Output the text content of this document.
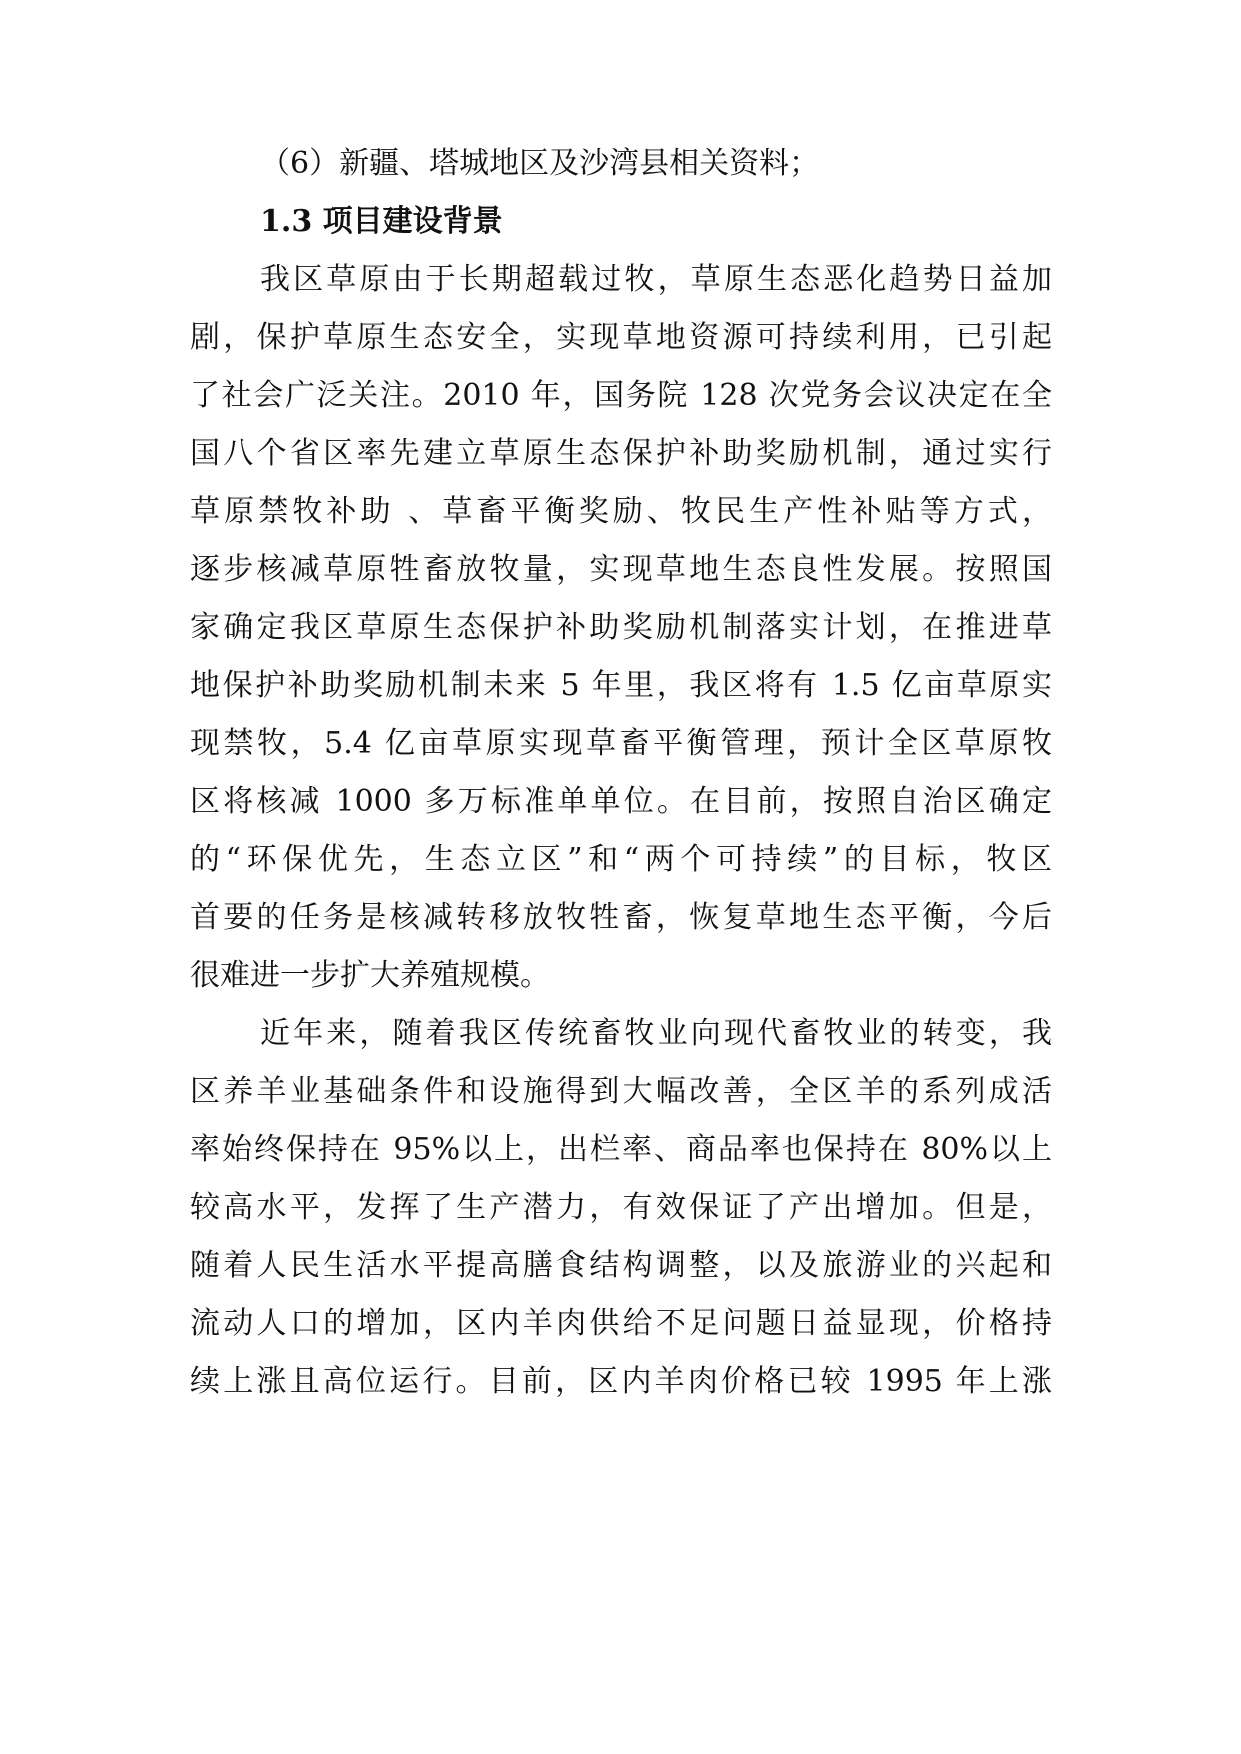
（6）新疆、塔城地区及沙湾县相关资料；
1.3 项目建设背景
我区草原由于长期超载过牧，草原生态恶化趋势日益加
剧，保护草原生态安全，实现草地资源可持续利用，已引起
了社会广泛关注。2010 年，国务院 128 次党务会议决定在全
国八个省区率先建立草原生态保护补助奖励机制，通过实行
草原禁牧补助 、草畜平衡奖励、牧民生产性补贴等方式，
逐步核减草原牲畜放牧量，实现草地生态良性发展。按照国
家确定我区草原生态保护补助奖励机制落实计划，在推进草
地保护补助奖励机制未来 5 年里，我区将有 1.5 亿亩草原实
现禁牧，5.4 亿亩草原实现草畜平衡管理，预计全区草原牧
区将核减 1000 多万标准单单位。在目前，按照自治区确定
的“环保优先，生态立区”和“两个可持续”的目标，牧区
首要的任务是核减转移放牧牲畜，恢复草地生态平衡，今后
很难进一步扩大养殖规模。
近年来，随着我区传统畜牧业向现代畜牧业的转变，我
区养羊业基础条件和设施得到大幅改善，全区羊的系列成活
率始终保持在 95%以上，出栏率、商品率也保持在 80%以上
较高水平，发挥了生产潜力，有效保证了产出增加。但是，
随着人民生活水平提高膳食结构调整，以及旅游业的兴起和
流动人口的增加，区内羊肉供给不足问题日益显现，价格持
续上涨且高位运行。目前，区内羊肉价格已较 1995 年上涨
